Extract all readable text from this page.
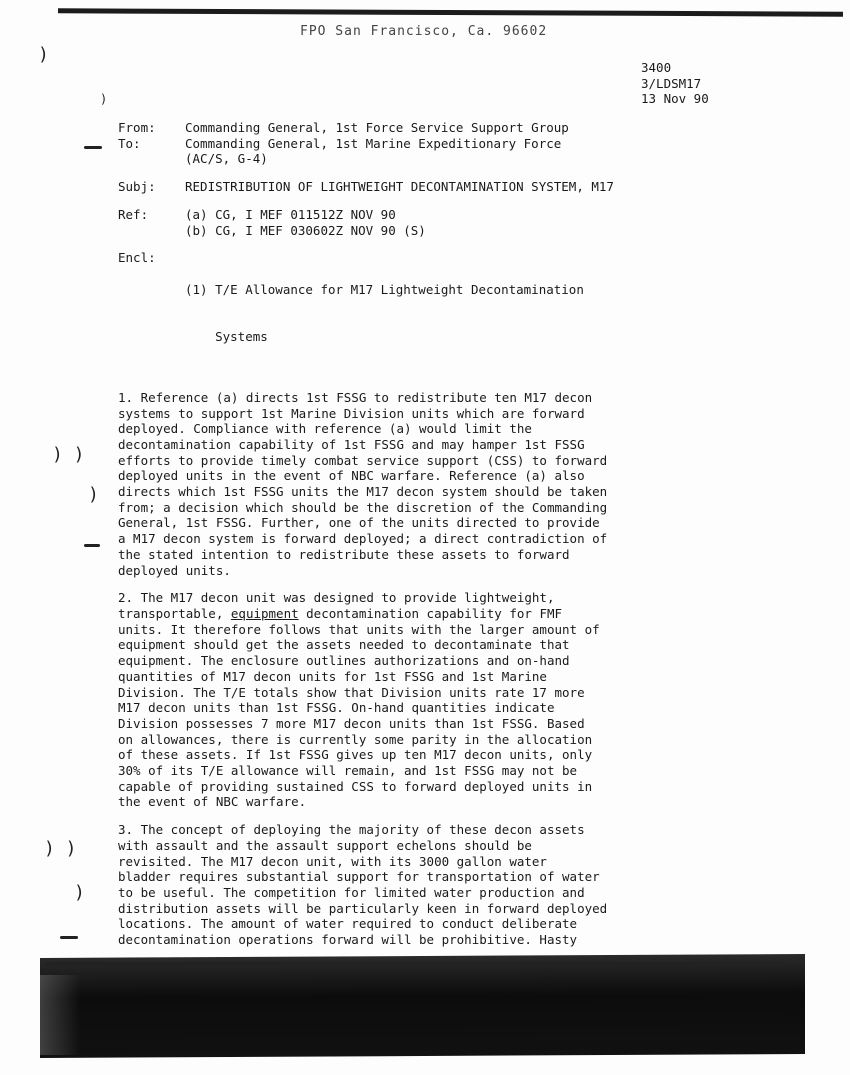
FPO San Francisco, Ca. 96602
3400
3/LDSM17
13 Nov 90
)
)
) )
)
) )
)
From:	Commanding General, 1st Force Service Support Group
To:	Commanding General, 1st Marine Expeditionary Force
(AC/S, G-4)
Subj:	REDISTRIBUTION OF LIGHTWEIGHT DECONTAMINATION SYSTEM, M17
Ref:	(a) CG, I MEF 011512Z NOV 90
(b) CG, I MEF 030602Z NOV 90 (S)
Encl:

(1) T/E Allowance for M17 Lightweight Decontamination

Systems

1. Reference (a) directs 1st FSSG to redistribute ten M17 decon
systems to support 1st Marine Division units which are forward
deployed. Compliance with reference (a) would limit the
decontamination capability of 1st FSSG and may hamper 1st FSSG
efforts to provide timely combat service support (CSS) to forward
deployed units in the event of NBC warfare. Reference (a) also
directs which 1st FSSG units the M17 decon system should be taken
from; a decision which should be the discretion of the Commanding
General, 1st FSSG. Further, one of the units directed to provide
a M17 decon system is forward deployed; a direct contradiction of
the stated intention to redistribute these assets to forward
deployed units.
2. The M17 decon unit was designed to provide lightweight,
transportable, equipment decontamination capability for FMF
units. It therefore follows that units with the larger amount of
equipment should get the assets needed to decontaminate that
equipment. The enclosure outlines authorizations and on-hand
quantities of M17 decon units for 1st FSSG and 1st Marine
Division. The T/E totals show that Division units rate 17 more
M17 decon units than 1st FSSG. On-hand quantities indicate
Division possesses 7 more M17 decon units than 1st FSSG. Based
on allowances, there is currently some parity in the allocation
of these assets. If 1st FSSG gives up ten M17 decon units, only
30% of its T/E allowance will remain, and 1st FSSG may not be
capable of providing sustained CSS to forward deployed units in
the event of NBC warfare.
3. The concept of deploying the majority of these decon assets
with assault and the assault support echelons should be
revisited. The M17 decon unit, with its 3000 gallon water
bladder requires substantial support for transportation of water
to be useful. The competition for limited water production and
distribution assets will be particularly keen in forward deployed
locations. The amount of water required to conduct deliberate
decontamination operations forward will be prohibitive. Hasty
